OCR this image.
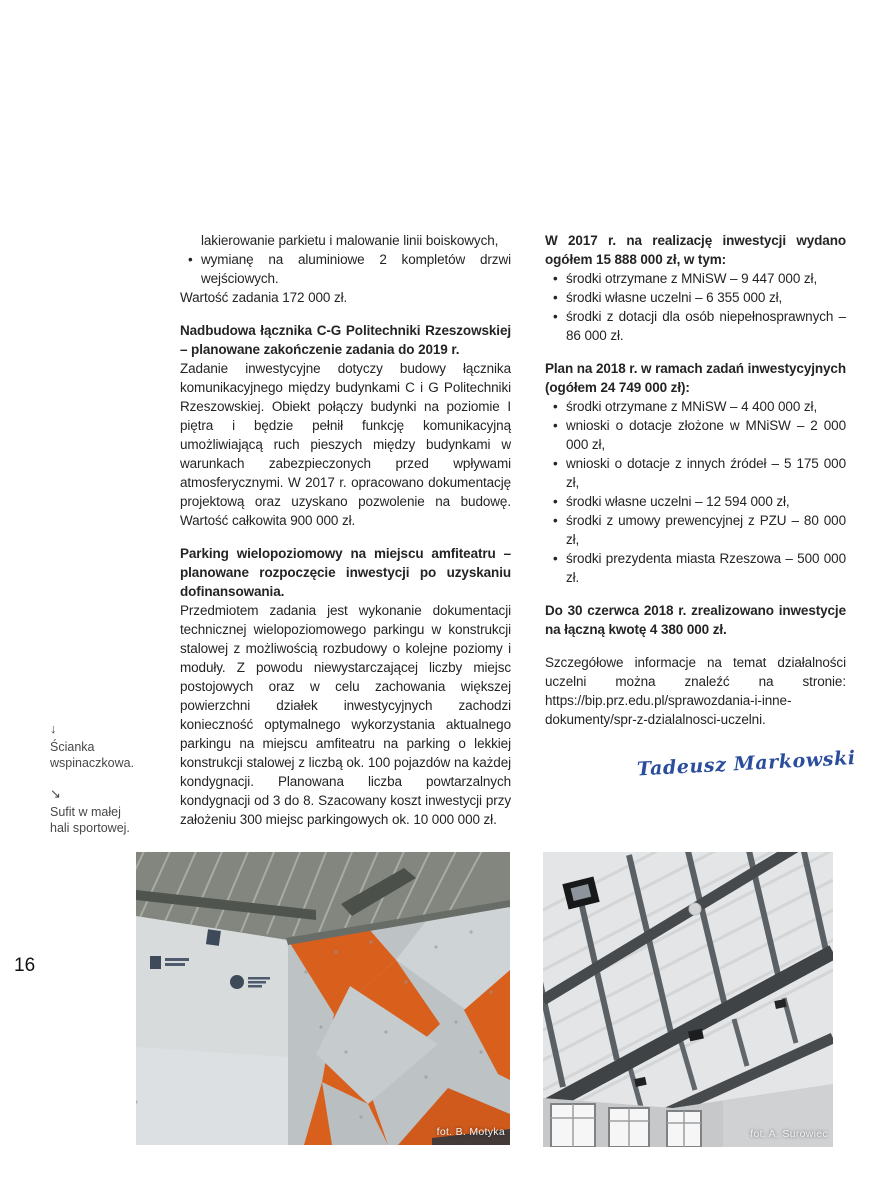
16
↓
Ścianka wspinaczkowa.
↘
Sufit w małej hali sportowej.
lakierowanie parkietu i malowanie linii boiskowych,
• wymianę na aluminiowe 2 kompletów drzwi wejściowych.

Wartość zadania 172 000 zł.

Nadbudowa łącznika C-G Politechniki Rzeszowskiej – planowane zakończenie zadania do 2019 r.

Zadanie inwestycyjne dotyczy budowy łącznika komunikacyjnego między budynkami C i G Politechniki Rzeszowskiej. Obiekt połączy budynki na poziomie I piętra i będzie pełnił funkcję komunikacyjną umożliwiającą ruch pieszych między budynkami w warunkach zabezpieczonych przed wpływami atmosferycznymi. W 2017 r. opracowano dokumentację projektową oraz uzyskano pozwolenie na budowę. Wartość całkowita 900 000 zł.

Parking wielopoziomowy na miejscu amfiteatru – planowane rozpoczęcie inwestycji po uzyskaniu dofinansowania.

Przedmiotem zadania jest wykonanie dokumentacji technicznej wielopoziomowego parkingu w konstrukcji stalowej z możliwością rozbudowy o kolejne poziomy i moduły. Z powodu niewystarczającej liczby miejsc postojowych oraz w celu zachowania większej powierzchni działek inwestycyjnych zachodzi konieczność optymalnego wykorzystania aktualnego parkingu na miejscu amfiteatru na parking o lekkiej konstrukcji stalowej z liczbą ok. 100 pojazdów na każdej kondygnacji. Planowana liczba powtarzalnych kondygnacji od 3 do 8. Szacowany koszt inwestycji przy założeniu 300 miejsc parkingowych ok. 10 000 000 zł.

W 2017 r. na realizację inwestycji wydano ogółem 15 888 000 zł, w tym:

• środki otrzymane z MNiSW – 9 447 000 zł,
• środki własne uczelni – 6 355 000 zł,
• środki z dotacji dla osób niepełnosprawnych – 86 000 zł.

Plan na 2018 r. w ramach zadań inwestycyjnych (ogółem 24 749 000 zł):

• środki otrzymane z MNiSW – 4 400 000 zł,
• wnioski o dotacje złożone w MNiSW – 2 000 000 zł,
• wnioski o dotacje z innych źródeł – 5 175 000 zł,
• środki własne uczelni – 12 594 000 zł,
• środki z umowy prewencyjnej z PZU – 80 000 zł,
• środki prezydenta miasta Rzeszowa – 500 000 zł.

Do 30 czerwca 2018 r. zrealizowano inwestycje na łączną kwotę 4 380 000 zł.

Szczegółowe informacje na temat działalności uczelni można znaleźć na stronie: https://bip.prz.edu.pl/sprawozdania-i-inne-dokumenty/spr-z-dzialalnosci-uczelni.

Tadeusz Markowski
fot. B. Motyka	fot. A. Surowiec
